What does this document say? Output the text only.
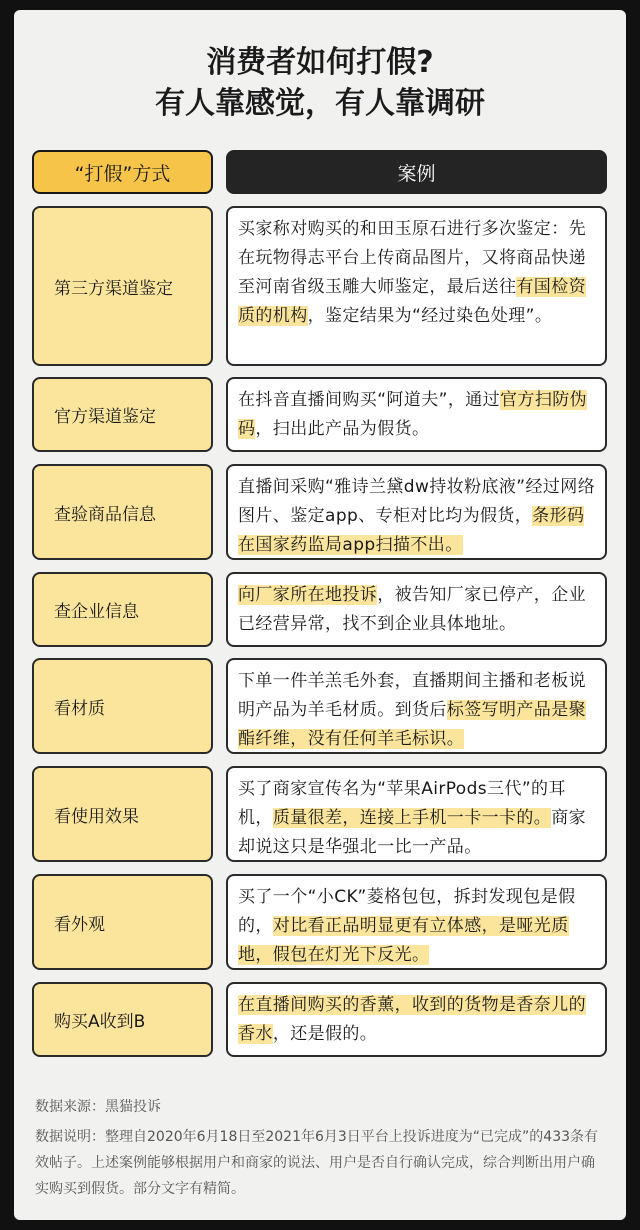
消费者如何打假?
有人靠感觉，有人靠调研
“打假”方式	案例
第三方渠道鉴定
买家称对购买的和田玉原石进行多次鉴定：先在玩物得志平台上传商品图片，又将商品快递至河南省级玉雕大师鉴定，最后送往有国检资质的机构，鉴定结果为“经过染色处理”。
官方渠道鉴定
在抖音直播间购买“阿道夫”，通过官方扫防伪码，扫出此产品为假货。
查验商品信息
直播间采购“雅诗兰黛dw持妆粉底液”经过网络图片、鉴定app、专柜对比均为假货，条形码在国家药监局app扫描不出。
查企业信息
向厂家所在地投诉，被告知厂家已停产，企业已经营异常，找不到企业具体地址。
看材质
下单一件羊羔毛外套，直播期间主播和老板说明产品为羊毛材质。到货后标签写明产品是聚酯纤维，没有任何羊毛标识。
看使用效果
买了商家宣传名为“苹果AirPods三代”的耳机，质量很差，连接上手机一卡一卡的。商家却说这只是华强北一比一产品。
看外观
买了一个“小CK”菱格包包，拆封发现包是假的，对比看正品明显更有立体感，是哑光质地，假包在灯光下反光。
购买A收到B
在直播间购买的香薰，收到的货物是香奈儿的香水，还是假的。
数据来源：黑猫投诉
数据说明：整理自2020年6月18日至2021年6月3日平台上投诉进度为“已完成”的433条有效帖子。上述案例能够根据用户和商家的说法、用户是否自行确认完成，综合判断出用户确实购买到假货。部分文字有精简。
